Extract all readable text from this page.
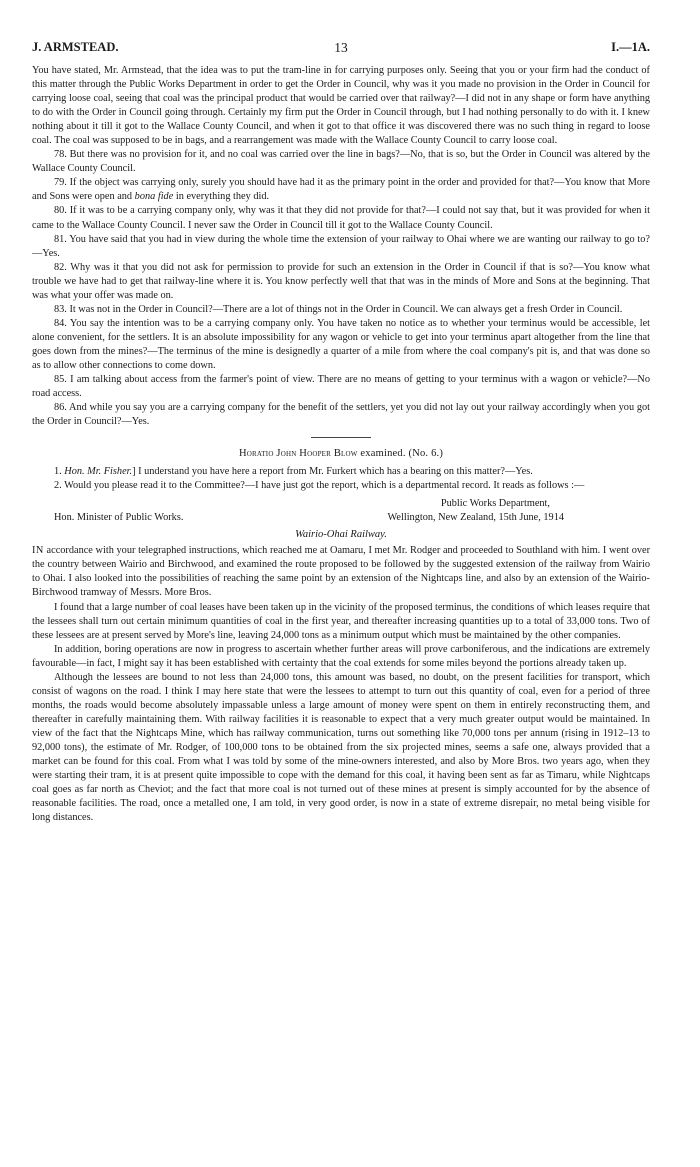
J. ARMSTEAD.	13	I.—1A.

You have stated, Mr. Armstead, that the idea was to put the tram-line in for carrying purposes only. Seeing that you or your firm had the conduct of this matter through the Public Works Department in order to get the Order in Council, why was it you made no provision in the Order in Council for carrying loose coal, seeing that coal was the principal product that would be carried over that railway?—I did not in any shape or form have anything to do with the Order in Council going through. Certainly my firm put the Order in Council through, but I had nothing personally to do with it. I knew nothing about it till it got to the Wallace County Council, and when it got to that office it was discovered there was no such thing in regard to loose coal. The coal was supposed to be in bags, and a rearrangement was made with the Wallace County Council to carry loose coal.

78. But there was no provision for it, and no coal was carried over the line in bags?—No, that is so, but the Order in Council was altered by the Wallace County Council.

79. If the object was carrying only, surely you should have had it as the primary point in the order and provided for that?—You know that More and Sons were open and bona fide in everything they did.

80. If it was to be a carrying company only, why was it that they did not provide for that?—I could not say that, but it was provided for when it came to the Wallace County Council. I never saw the Order in Council till it got to the Wallace County Council.

81. You have said that you had in view during the whole time the extension of your railway to Ohai where we are wanting our railway to go to?—Yes.

82. Why was it that you did not ask for permission to provide for such an extension in the Order in Council if that is so?—You know what trouble we have had to get that railway-line where it is. You know perfectly well that that was in the minds of More and Sons at the beginning. That was what your offer was made on.

83. It was not in the Order in Council?—There are a lot of things not in the Order in Council. We can always get a fresh Order in Council.

84. You say the intention was to be a carrying company only. You have taken no notice as to whether your terminus would be accessible, let alone convenient, for the settlers. It is an absolute impossibility for any wagon or vehicle to get into your terminus apart altogether from the line that goes down from the mines?—The terminus of the mine is designedly a quarter of a mile from where the coal company's pit is, and that was done so as to allow other connections to come down.

85. I am talking about access from the farmer's point of view. There are no means of getting to your terminus with a wagon or vehicle?—No road access.

86. And while you say you are a carrying company for the benefit of the settlers, yet you did not lay out your railway accordingly when you got the Order in Council?—Yes.

Horatio John Hooper Blow examined. (No. 6.)

1. Hon. Mr. Fisher.] I understand you have here a report from Mr. Furkert which has a bearing on this matter?—Yes.

2. Would you please read it to the Committee?—I have just got the report, which is a departmental record. It reads as follows :—

Public Works Department,
Hon. Minister of Public Works.	Wellington, New Zealand, 15th June, 1914
Wairio-Ohai Railway.

IN accordance with your telegraphed instructions, which reached me at Oamaru, I met Mr. Rodger and proceeded to Southland with him. I went over the country between Wairio and Birchwood, and examined the route proposed to be followed by the suggested extension of the railway from Wairio to Ohai. I also looked into the possibilities of reaching the same point by an extension of the Nightcaps line, and also by an extension of the Wairio-Birchwood tramway of Messrs. More Bros.

I found that a large number of coal leases have been taken up in the vicinity of the proposed terminus, the conditions of which leases require that the lessees shall turn out certain minimum quantities of coal in the first year, and thereafter increasing quantities up to a total of 33,000 tons. Two of these lessees are at present served by More's line, leaving 24,000 tons as a minimum output which must be maintained by the other companies.

In addition, boring operations are now in progress to ascertain whether further areas will prove carboniferous, and the indications are extremely favourable—in fact, I might say it has been established with certainty that the coal extends for some miles beyond the portions already taken up.

Although the lessees are bound to not less than 24,000 tons, this amount was based, no doubt, on the present facilities for transport, which consist of wagons on the road. I think I may here state that were the lessees to attempt to turn out this quantity of coal, even for a period of three months, the roads would become absolutely impassable unless a large amount of money were spent on them in entirely reconstructing them, and thereafter in carefully maintaining them. With railway facilities it is reasonable to expect that a very much greater output would be maintained. In view of the fact that the Nightcaps Mine, which has railway communication, turns out something like 70,000 tons per annum (rising in 1912–13 to 92,000 tons), the estimate of Mr. Rodger, of 100,000 tons to be obtained from the six projected mines, seems a safe one, always provided that a market can be found for this coal. From what I was told by some of the mine-owners interested, and also by More Bros. two years ago, when they were starting their tram, it is at present quite impossible to cope with the demand for this coal, it having been sent as far as Timaru, while Nightcaps coal goes as far north as Cheviot; and the fact that more coal is not turned out of these mines at present is simply accounted for by the absence of reasonable facilities. The road, once a metalled one, I am told, in very good order, is now in a state of extreme disrepair, no metal being visible for long distances.
